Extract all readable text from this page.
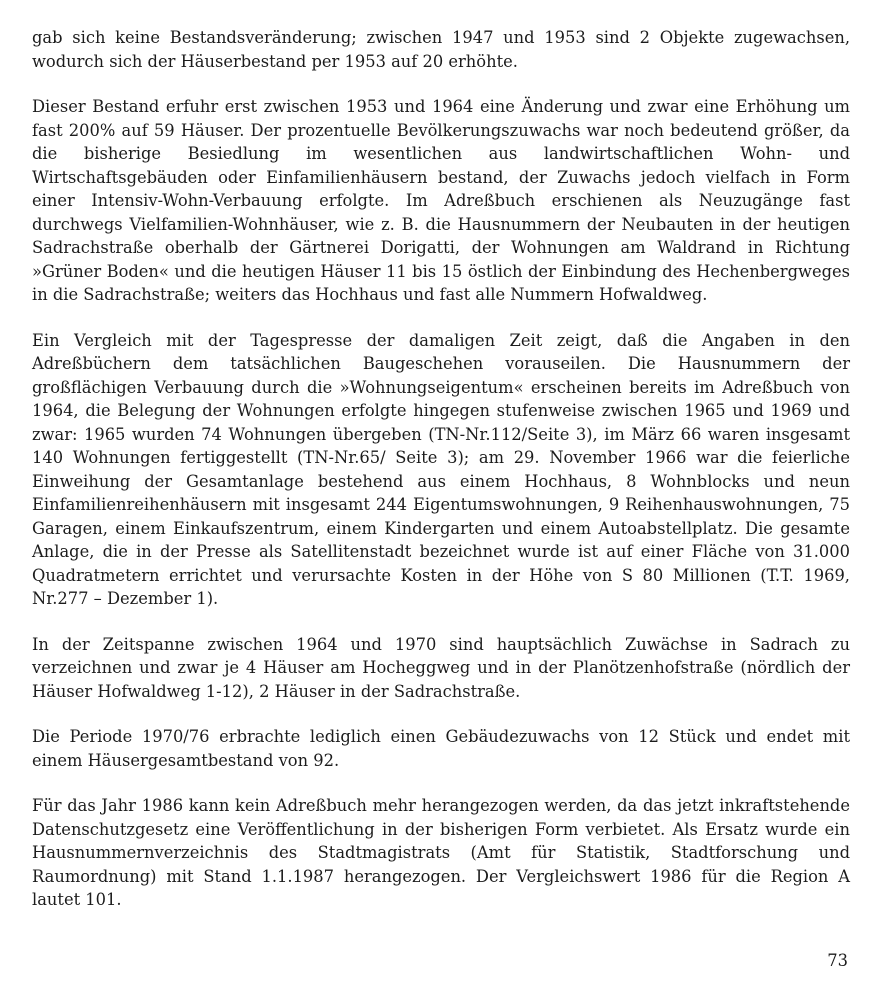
gab sich keine Bestandsveränderung; zwischen 1947 und 1953 sind 2 Objekte zugewachsen, wodurch sich der Häuserbestand per 1953 auf 20 erhöhte.

Dieser Bestand erfuhr erst zwischen 1953 und 1964 eine Änderung und zwar eine Erhöhung um fast 200% auf 59 Häuser. Der prozentuelle Bevölkerungszuwachs war noch bedeutend größer, da die bisherige Besiedlung im wesentlichen aus landwirtschaftlichen Wohn- und Wirtschaftsgebäuden oder Einfamilienhäusern bestand, der Zuwachs jedoch vielfach in Form einer Intensiv-Wohn-Verbauung erfolgte. Im Adreßbuch erschienen als Neuzugänge fast durchwegs Vielfamilien-Wohnhäuser, wie z. B. die Hausnummern der Neubauten in der heutigen Sadrachstraße oberhalb der Gärtnerei Dorigatti, der Wohnungen am Waldrand in Richtung »Grüner Boden« und die heutigen Häuser 11 bis 15 östlich der Einbindung des Hechenbergweges in die Sadrachstraße; weiters das Hochhaus und fast alle Nummern Hofwaldweg.

Ein Vergleich mit der Tagespresse der damaligen Zeit zeigt, daß die Angaben in den Adreßbüchern dem tatsächlichen Baugeschehen vorauseilen. Die Hausnummern der großflächigen Verbauung durch die »Wohnungseigentum« erscheinen bereits im Adreßbuch von 1964, die Belegung der Wohnungen erfolgte hingegen stufenweise zwischen 1965 und 1969 und zwar: 1965 wurden 74 Wohnungen übergeben (TN-Nr.112/Seite 3), im März 66 waren insgesamt 140 Wohnungen fertiggestellt (TN-Nr.65/ Seite 3); am 29. November 1966 war die feierliche Einweihung der Gesamtanlage bestehend aus einem Hochhaus, 8 Wohnblocks und neun Einfamilienreihenhäusern mit insgesamt 244 Eigentumswohnungen, 9 Reihenhauswohnungen, 75 Garagen, einem Einkaufszentrum, einem Kindergarten und einem Autoabstellplatz. Die gesamte Anlage, die in der Presse als Satellitenstadt bezeichnet wurde ist auf einer Fläche von 31.000 Quadratmetern errichtet und verursachte Kosten in der Höhe von S 80 Millionen (T.T. 1969, Nr.277 – Dezember 1).

In der Zeitspanne zwischen 1964 und 1970 sind hauptsächlich Zuwächse in Sadrach zu verzeichnen und zwar je 4 Häuser am Hocheggweg und in der Planötzenhofstraße (nördlich der Häuser Hofwaldweg 1-12), 2 Häuser in der Sadrachstraße.

Die Periode 1970/76 erbrachte lediglich einen Gebäudezuwachs von 12 Stück und endet mit einem Häusergesamtbestand von 92.

Für das Jahr 1986 kann kein Adreßbuch mehr herangezogen werden, da das jetzt inkraftstehende Datenschutzgesetz eine Veröffentlichung in der bisherigen Form verbietet. Als Ersatz wurde ein Hausnummernverzeichnis des Stadtmagistrats (Amt für Statistik, Stadtforschung und Raumordnung) mit Stand 1.1.1987 herangezogen. Der Vergleichswert 1986 für die Region A lautet 101.

73
